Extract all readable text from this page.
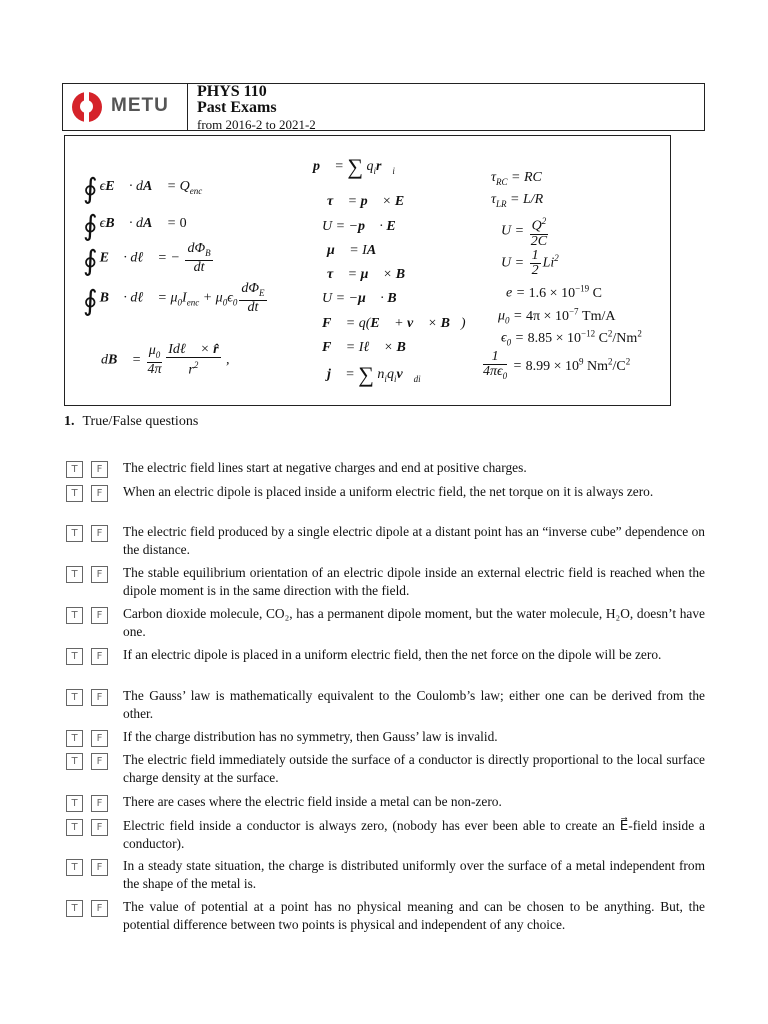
METU
PHYS 110
Past Exams
from 2016-2 to 2021-2
∮ ϵE⃗ · dA⃗ = $Q_{enc}$
∮ ϵB⃗ · dA⃗ = 0
∮ E⃗ · dℓ⃗ = − $\frac{d\Phi_B}{dt}$
∮ B⃗ · dℓ⃗ = $\mu_0I_{enc} + \mu_0\epsilon_0 \frac{d\Phi_E}{dt}$
dB⃗ = $\frac{\mu_0}{4\pi} \frac{\text{Idℓ⃗ × r̂}}{r^2}$ ,
p⃗ = ∑ $q_ir⃗_i$
τ⃗ = p⃗ × E⃗
U = −p⃗ · E⃗
μ⃗ = IA⃗
τ⃗ = μ⃗ × B⃗
U = −μ⃗ · B⃗
F⃗ = q(E⃗ + v⃗ × B⃗)
F⃗ = Iℓ⃗ × B⃗
j⃗ = ∑ $n_iq_iv⃗_{di}$
$\tau_{RC}$ = RC
$\tau_{LR} = L/R$
$U = \frac{Q^2}{2C}$
$U = \frac{1}{2} Li^2$
$e = 1.6 \times 10^{-19}$ C
$\mu_0 = 4\pi \times 10^{-7}$ Tm/A
$\epsilon_0 = 8.85 \times 10^{-12}$ $C^2/Nm^2$
$\frac{1}{4\pi\epsilon_0} = 8.99 \times 10^9$ $Nm^2/C^2$
1. True/False questions
T	F	The electric field lines start at negative charges and end at positive charges.
T	F	When an electric dipole is placed inside a uniform electric field, the net torque on it is always zero.
T	F	The electric field produced by a single electric dipole at a distant point has an “inverse cube” dependence on the distance.
T	F	The stable equilibrium orientation of an electric dipole inside an external electric field is reached when the dipole moment is in the same direction with the field.
T	F	Carbon dioxide molecule, CO₂, has a permanent dipole moment, but the water molecule, H₂O, doesn’t have one.
T	F	If an electric dipole is placed in a uniform electric field, then the net force on the dipole will be zero.
T	F	The Gauss’ law is mathematically equivalent to the Coulomb’s law; either one can be derived from the other.
T	F	If the charge distribution has no symmetry, then Gauss’ law is invalid.
T	F	The electric field immediately outside the surface of a conductor is directly proportional to the local surface charge density at the surface.
T	F	There are cases where the electric field inside a metal can be non-zero.
T	F	Electric field inside a conductor is always zero, (nobody has ever been able to create an E⃗-field inside a conductor).
T	F	In a steady state situation, the charge is distributed uniformly over the surface of a metal independent from the shape of the metal is.
T	F	The value of potential at a point has no physical meaning and can be chosen to be anything. But, the potential difference between two points is physical and independent of any choice.
